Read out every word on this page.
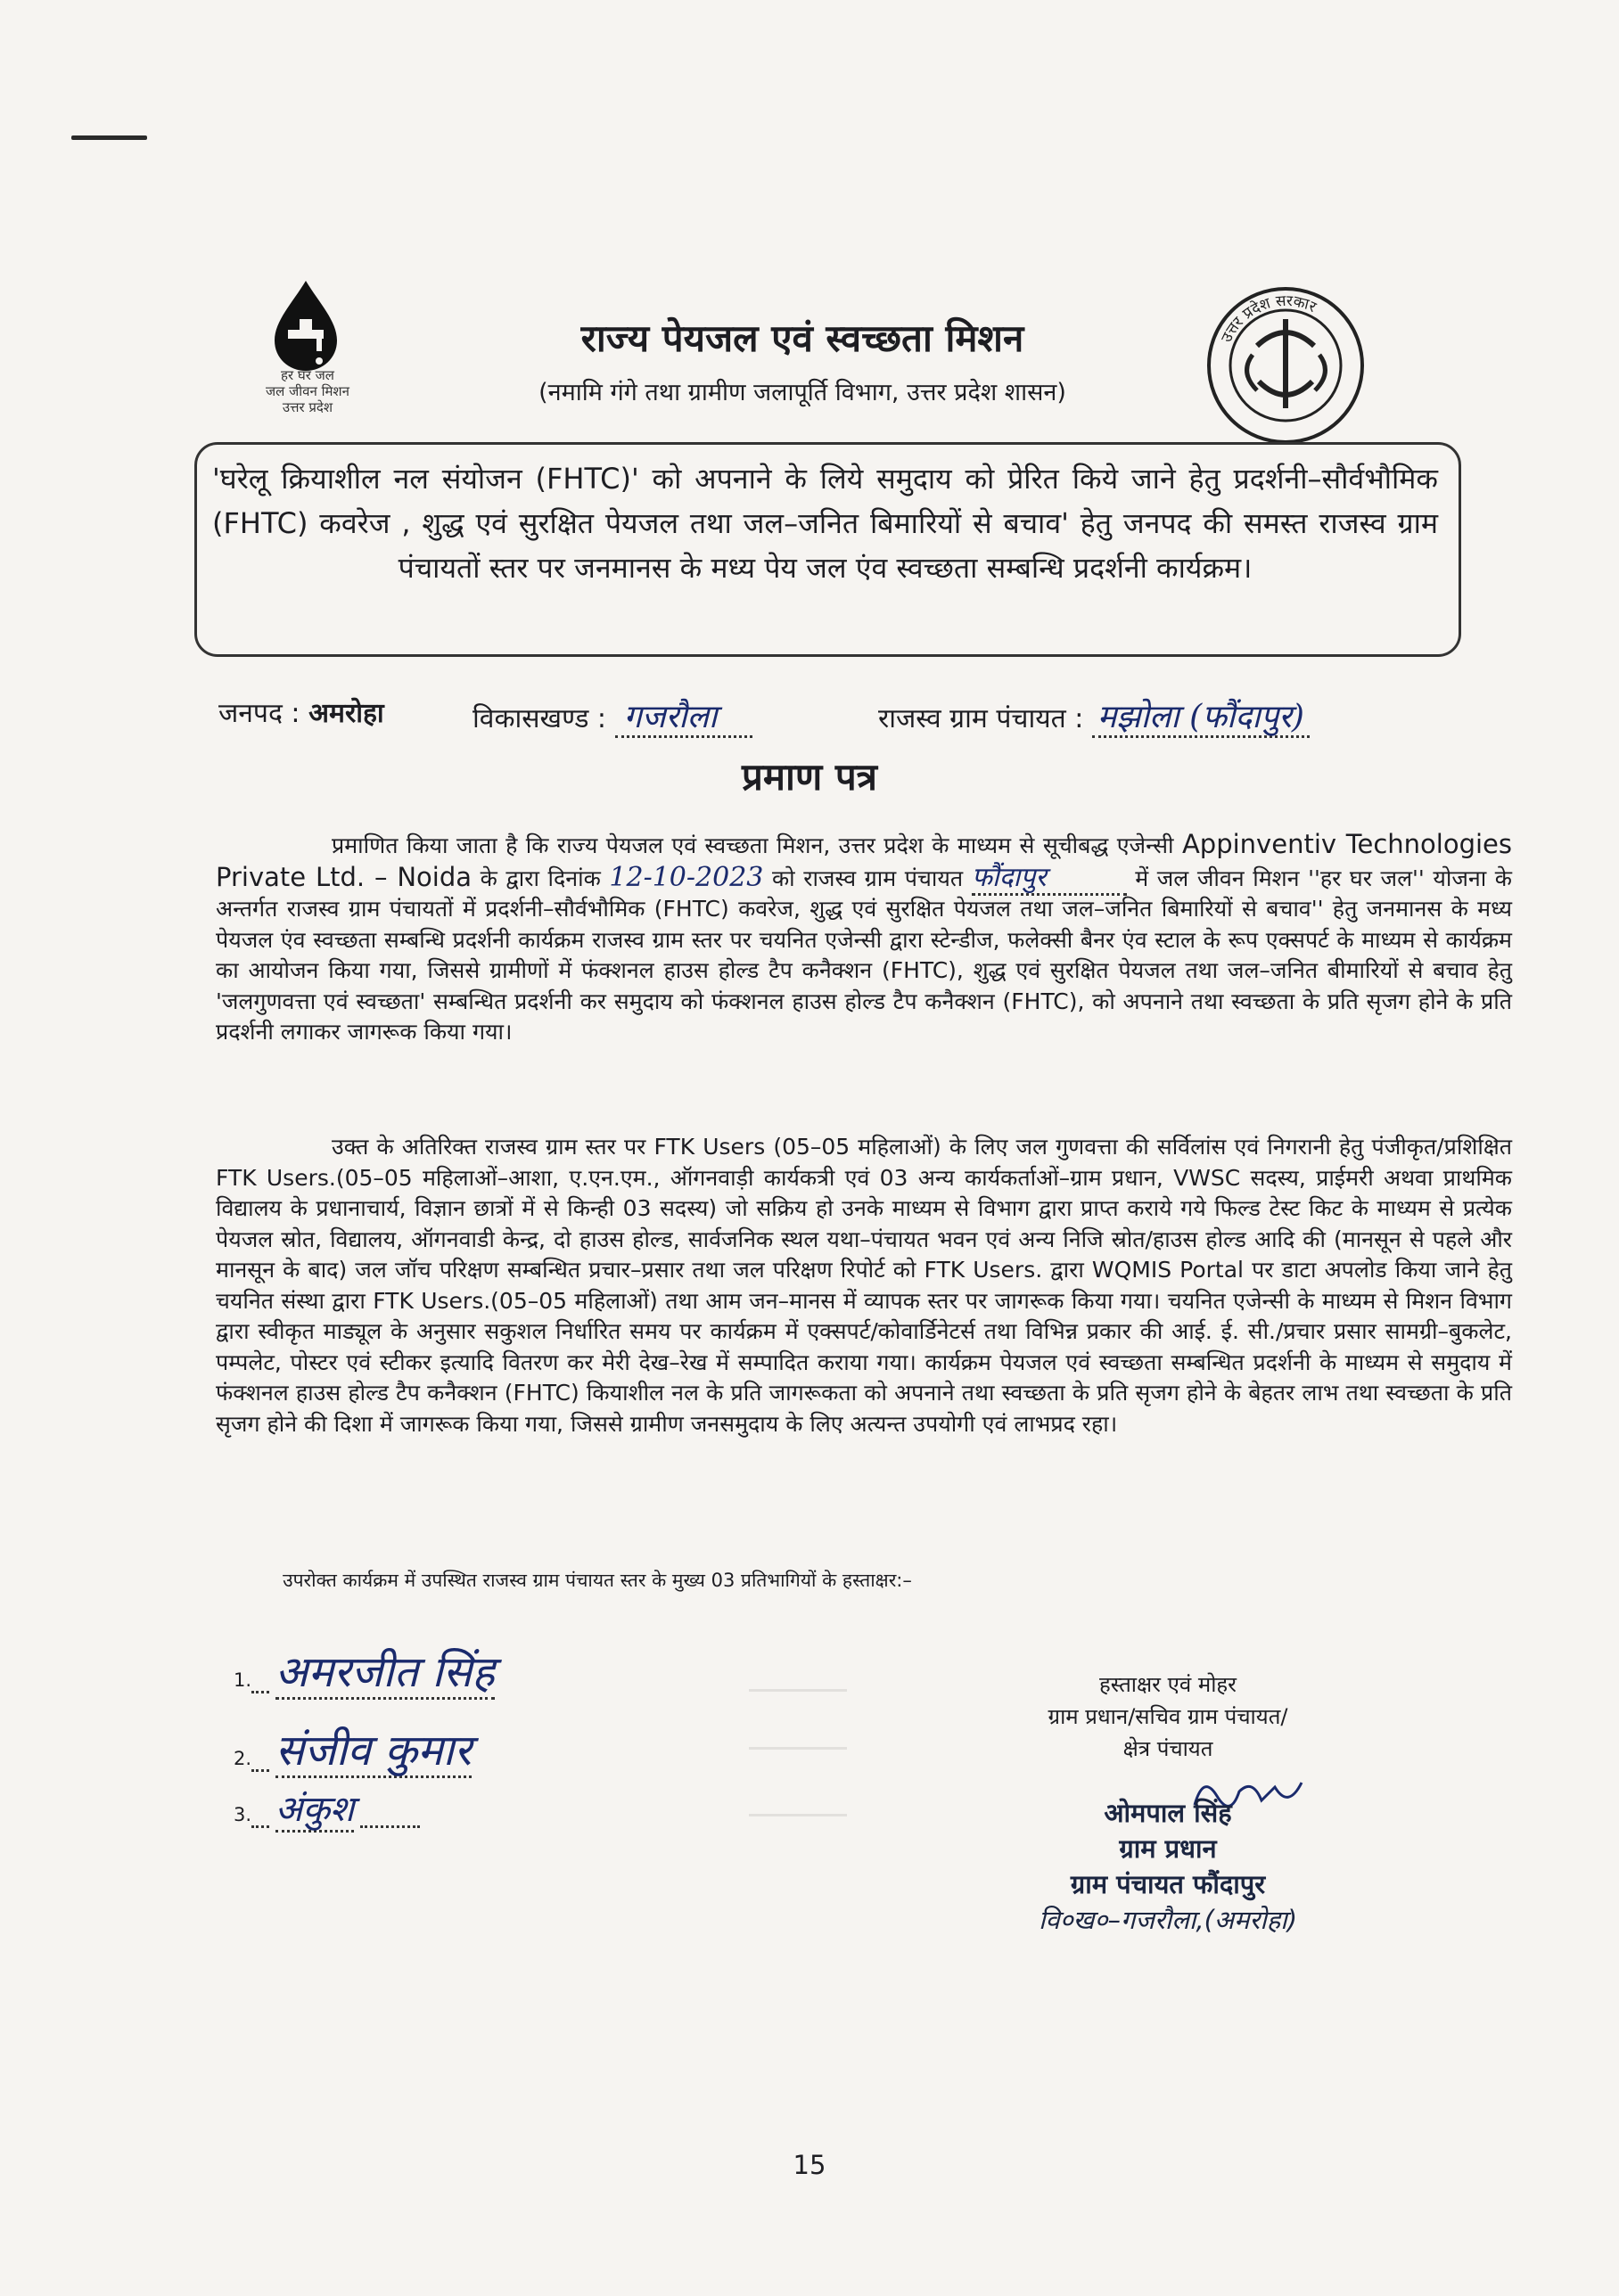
हर घर जल
जल जीवन मिशन
उत्तर प्रदेश
उत्तर प्रदेश सरकार
राज्य पेयजल एवं स्वच्छता मिशन
(नमामि गंगे तथा ग्रामीण जलापूर्ति विभाग, उत्तर प्रदेश शासन)
'घरेलू क्रियाशील नल संयोजन (FHTC)' को अपनाने के लिये समुदाय को प्रेरित किये जाने हेतु प्रदर्शनी–सौर्वभौमिक (FHTC) कवरेज , शुद्ध एवं सुरक्षित पेयजल तथा जल–जनित बिमारियों से बचाव' हेतु जनपद की समस्त राजस्व ग्राम पंचायतों स्तर पर जनमानस के मध्य पेय जल एंव स्वच्छता सम्बन्धि प्रदर्शनी कार्यक्रम।
जनपद : अमरोहा	विकासखण्ड : गजरौला	राजस्व ग्राम पंचायत : मझोला (फौंदापुर)
प्रमाण पत्र
प्रमाणित किया जाता है कि राज्य पेयजल एवं स्वच्छता मिशन, उत्तर प्रदेश के माध्यम से सूचीबद्ध एजेन्सी Appinventiv Technologies Private Ltd. – Noida के द्वारा दिनांक 12-10-2023 को राजस्व ग्राम पंचायत फौंदापुर	में जल जीवन मिशन ''हर घर जल'' योजना के अन्तर्गत राजस्व ग्राम पंचायतों में प्रदर्शनी–सौर्वभौमिक (FHTC) कवरेज, शुद्ध एवं सुरक्षित पेयजल तथा जल–जनित बिमारियों से बचाव'' हेतु जनमानस के मध्य पेयजल एंव स्वच्छता सम्बन्धि प्रदर्शनी कार्यक्रम राजस्व ग्राम स्तर पर चयनित एजेन्सी द्वारा स्टेन्डीज, फलेक्सी बैनर एंव स्टाल के रूप एक्सपर्ट के माध्यम से कार्यक्रम का आयोजन किया गया, जिससे ग्रामीणों में फंक्शनल हाउस होल्ड टैप कनैक्शन (FHTC), शुद्ध एवं सुरक्षित पेयजल तथा जल–जनित बीमारियों से बचाव हेतु 'जलगुणवत्ता एवं स्वच्छता' सम्बन्धित प्रदर्शनी कर समुदाय को फंक्शनल हाउस होल्ड टैप कनैक्शन (FHTC), को अपनाने तथा स्वच्छता के प्रति सृजग होने के प्रति प्रदर्शनी लगाकर जागरूक किया गया।
उक्त के अतिरिक्त राजस्व ग्राम स्तर पर FTK Users (05–05 महिलाओं) के लिए जल गुणवत्ता की सर्विलांस एवं निगरानी हेतु पंजीकृत/प्रशिक्षित FTK Users.(05–05 महिलाओं–आशा, ए.एन.एम., ऑगनवाड़ी कार्यकत्री एवं 03 अन्य कार्यकर्ताओं–ग्राम प्रधान, VWSC सदस्य, प्राईमरी अथवा प्राथमिक विद्यालय के प्रधानाचार्य, विज्ञान छात्रों में से किन्ही 03 सदस्य) जो सक्रिय हो उनके माध्यम से विभाग द्वारा प्राप्त कराये गये फिल्ड टेस्ट किट के माध्यम से प्रत्येक पेयजल स्रोत, विद्यालय, ऑगनवाडी केन्द्र, दो हाउस होल्ड, सार्वजनिक स्थल यथा–पंचायत भवन एवं अन्य निजि स्रोत/हाउस होल्ड आदि की (मानसून से पहले और मानसून के बाद) जल जॉच परिक्षण सम्बन्धित प्रचार–प्रसार तथा जल परिक्षण रिपोर्ट को FTK Users. द्वारा WQMIS Portal पर डाटा अपलोड किया जाने हेतु चयनित संस्था द्वारा FTK Users.(05–05 महिलाओं) तथा आम जन–मानस में व्यापक स्तर पर जागरूक किया गया। चयनित एजेन्सी के माध्यम से मिशन विभाग द्वारा स्वीकृत माड्यूल के अनुसार सकुशल निर्धारित समय पर कार्यक्रम में एक्सपर्ट/कोवार्डिनेटर्स तथा विभिन्न प्रकार की आई. ई. सी./प्रचार प्रसार सामग्री–बुकलेट, पम्पलेट, पोस्टर एवं स्टीकर इत्यादि वितरण कर मेरी देख–रेख में सम्पादित कराया गया। कार्यक्रम पेयजल एवं स्वच्छता सम्बन्धित प्रदर्शनी के माध्यम से समुदाय में फंक्शनल हाउस होल्ड टैप कनैक्शन (FHTC) कियाशील नल के प्रति जागरूकता को अपनाने तथा स्वच्छता के प्रति सृजग होने के बेहतर लाभ तथा स्वच्छता के प्रति सृजग होने की दिशा में जागरूक किया गया, जिससे ग्रामीण जनसमुदाय के लिए अत्यन्त उपयोगी एवं लाभप्रद रहा।
उपरोक्त कार्यक्रम में उपस्थित राजस्व ग्राम पंचायत स्तर के मुख्य 03 प्रतिभागियों के हस्ताक्षर:–
1. अमरजीत सिंह
2. संजीव कुमार
3. अंकुश
हस्ताक्षर एवं मोहर
ग्राम प्रधान/सचिव ग्राम पंचायत/
क्षेत्र पंचायत
ओमपाल सिंह
ग्राम प्रधान
ग्राम पंचायत फौंदापुर
वि०ख०–गजरौला,(अमरोहा)
15
